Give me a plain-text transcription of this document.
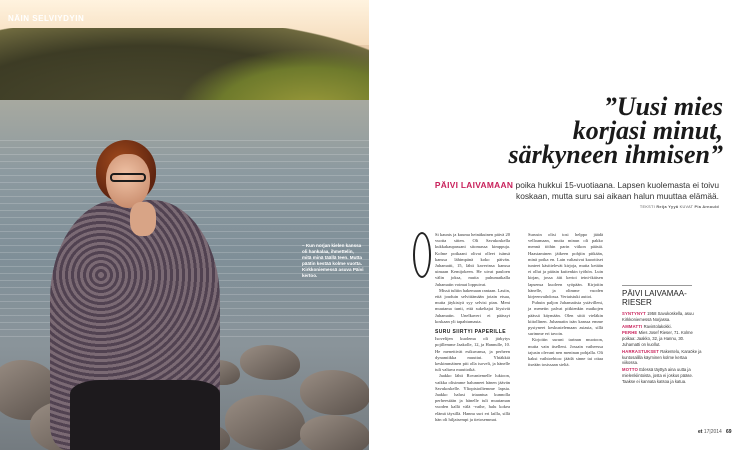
NÄIN SELVIYDYIN
– Kun norjan kielen kanssa oli hankalaa, ihmettelin, mitä minä täällä teen. Mutta päätin kestää kolme vuotta. Kirkkoniemessä asuva Päivi kertoo.
”Uusi mies
korjasi minut,
särkyneen ihmisen”
PÄIVI LAIVAMAAN poika hukkui 15-vuotiaana. Lapsen kuolemasta ei toivu koskaan, mutta suru sai aikaan halun muuttaa elämää.
TEKSTI Reija Yyyä KUVAT Pia Arnould

Si kaunis ja kuuma heinäkuinen päivä 20 vuotta sitten. Oli Savukoskella kukkakaupassani sitomassa kimppuja. Kolme poikaani olivat olleet isänsä kanssa lähimpänä koko päivän. Juhamatti, 15, lähti kaverinsa kanssa uimaan Kemijokeen. He uivat pauloen välin joksa, mutta puhumatkalla Juhamatin voimat loppuivat.

Missä tultiin hakemaan rantaan. Lasiin, että jouduin selvittämään jotain etsaa, mutta jäykistyä syy selvisi pian. Meni muutama tunti, että sukeltajat löysivät Juhamatin. Unelkaveri ei päässyt koskaan yli tapahtumasta.

SURU SIIRTYI PAPERILLE

Isovelijen kuolema oli järkytys pojillemme Jaakolle, 12, ja Hannulle, 10. He menettivät esikuvansa, ja perheen dynamiikka muuttui. Yhtäkkiä keskimmäinen piti olla isoveli, ja hänelle tuli valtava muuttoikä.

Jaakko lähti Rovaniemelle lukioon, vaikka olisimme halunneet hänen jäävän Savukoskelle. Yliopistoiltemme lapsia. Jaakko halusi irtaantua kunnolla perheestään ja hänelle tuli muutaman vuoden kallä välä -vaihe, halu kokea elämä täysillä. Hannu suri eri lailla, sillä hän oli hiljaisempi ja tietosemmat.

Surusin olisi tosi helppo jäädä velloamaan, mutta minun oli pakko mennä töihin parin viikon päästä. Haastaminen jäikeen pohjiin pitkään, minä poika en. Lain valtasivat kaoottiset tunteet käsittelevät kirjoja, mutta ketään ei ollut ja pääsin kuitenkin työhön. Luin kirjan, jossa äiti kertoi teini-ikäisen lapsensa kuoleen syöpään. Kirjoitin hänelle, ja olimme vuoden kirjeenvaihdossa. Vertaistuki auttoi.

Puhuin paljon Juhamatista ystävilleni, ja menetin palvat pitkienkin matkojen päässä käymään. Olen sittä vieläkin kiitollinen. Juhamatin isän kanssa emme pystyneet keskustelemaan asiasta, sillä surimme eri tavoin.

Kirjoitin suruni tarinan muotoon, mutta vain itselleni. Jossain vaiheessa tajusin olevani nen meninan pohjalla. Oli kaksi vaihtoehtoa: jäädä sinne tai ottaa itseään tosissaan sieltä.

PÄIVI LAIVAMAA-RIESER
SYNTYNYT 1958 Savukoskella, asuu Kirkkoniemessä Norjassa.
AMMATTI Ravintolakokki.
PERHE Mies Josef Rieser, 71. Kolme poikaa: Jaakko, 32, ja Hannu, 30. Juhamatti on kuollut.
HARRASTUKSET Rakentelu, Karaöke ja kuntosalilla käyminen kolme kertaa viikossa.
MOTTO Edessä täyttyä aina uutta ja mielenkiintoista, josta ei joskus pääse. Taakse ei kannata katsoa ja katua.
et 17|2014 69
